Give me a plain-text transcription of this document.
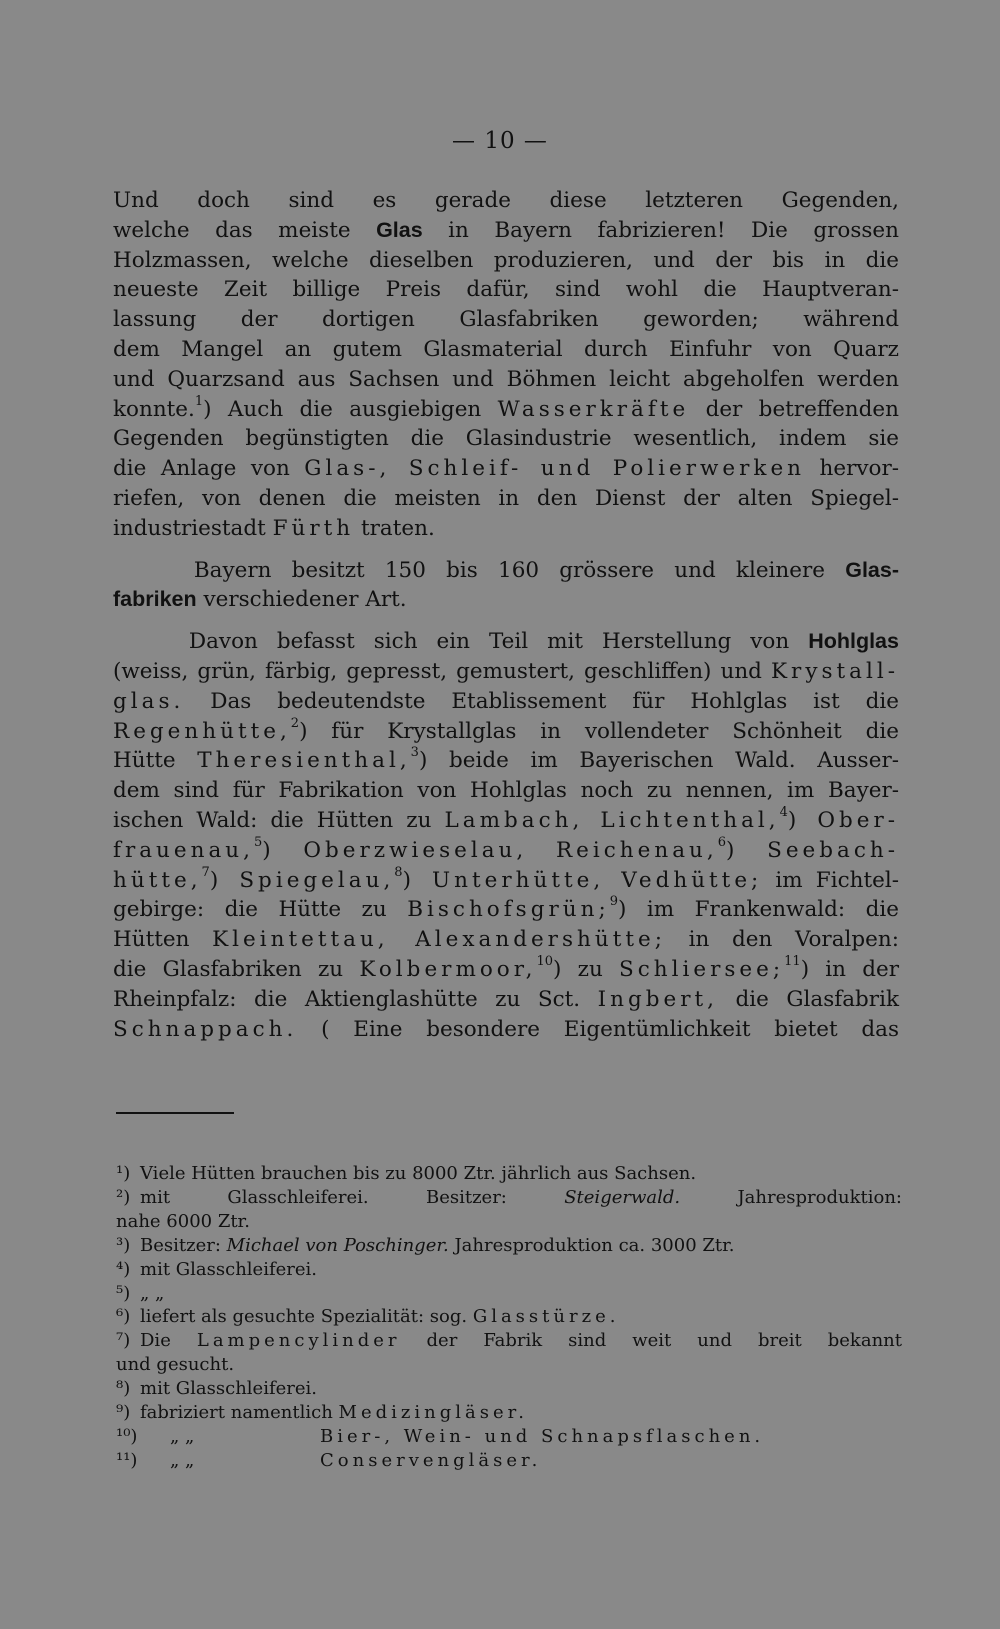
— 10 —
Und doch sind es gerade diese letzteren Gegenden,
welche das meiste Glas in Bayern fabrizieren! Die grossen
Holzmassen, welche dieselben produzieren, und der bis in die
neueste Zeit billige Preis dafür, sind wohl die Hauptveran-
lassung der dortigen Glasfabriken geworden; während
dem Mangel an gutem Glasmaterial durch Einfuhr von Quarz
und Quarzsand aus Sachsen und Böhmen leicht abgeholfen werden
konnte.$^1$) Auch die ausgiebigen Wasserkräfte der betreffenden
Gegenden begünstigten die Glasindustrie wesentlich, indem sie
die Anlage von Glas-, Schleif- und Polierwerken hervor-
riefen, von denen die meisten in den Dienst der alten Spiegel-
industriestadt Fürth traten.
Bayern besitzt 150 bis 160 grössere und kleinere Glas-
fabriken verschiedener Art.
Davon befasst sich ein Teil mit Herstellung von Hohlglas
(weiss, grün, färbig, gepresst, gemustert, geschliffen) und Krystall-
glas. Das bedeutendste Etablissement für Hohlglas ist die
Regenhütte,$^2$) für Krystallglas in vollendeter Schönheit die
Hütte Theresienthal,$^3$) beide im Bayerischen Wald. Ausser-
dem sind für Fabrikation von Hohlglas noch zu nennen, im Bayer-
ischen Wald: die Hütten zu Lambach, Lichtenthal,$^4$) Ober-
frauenau,$^5$) Oberzwieselau, Reichenau,$^6$) Seebach-
hütte,$^7$) Spiegelau,$^8$) Unterhütte, Vedhütte; im Fichtel-
gebirge: die Hütte zu Bischofsgrün;$^9$) im Frankenwald: die
Hütten Kleintettau, Alexandershütte; in den Voralpen:
die Glasfabriken zu Kolbermoor,$^{10}$) zu Schliersee;$^{11}$) in der
Rheinpfalz: die Aktienglashütte zu Sct. Ingbert, die Glasfabrik
Schnappach. ( Eine besondere Eigentümlichkeit bietet das
¹) Viele Hütten brauchen bis zu 8000 Ztr. jährlich aus Sachsen.
²) mit Glasschleiferei. Besitzer:	Steigerwald.	Jahresproduktion:
nahe 6000 Ztr.
³) Besitzer: Michael von Poschinger. Jahresproduktion ca. 3000 Ztr.
⁴) mit Glasschleiferei.
⁵) „ „
⁶) liefert als gesuchte Spezialität: sog. Glasstürze.
⁷) Die Lampencylinder der Fabrik sind weit und breit bekannt
und gesucht.
⁸) mit Glasschleiferei.
⁹) fabriziert namentlich Medizingläser.
¹⁰) „ „	Bier-, Wein- und Schnapsflaschen.
¹¹) „ „	Conservengläser.
